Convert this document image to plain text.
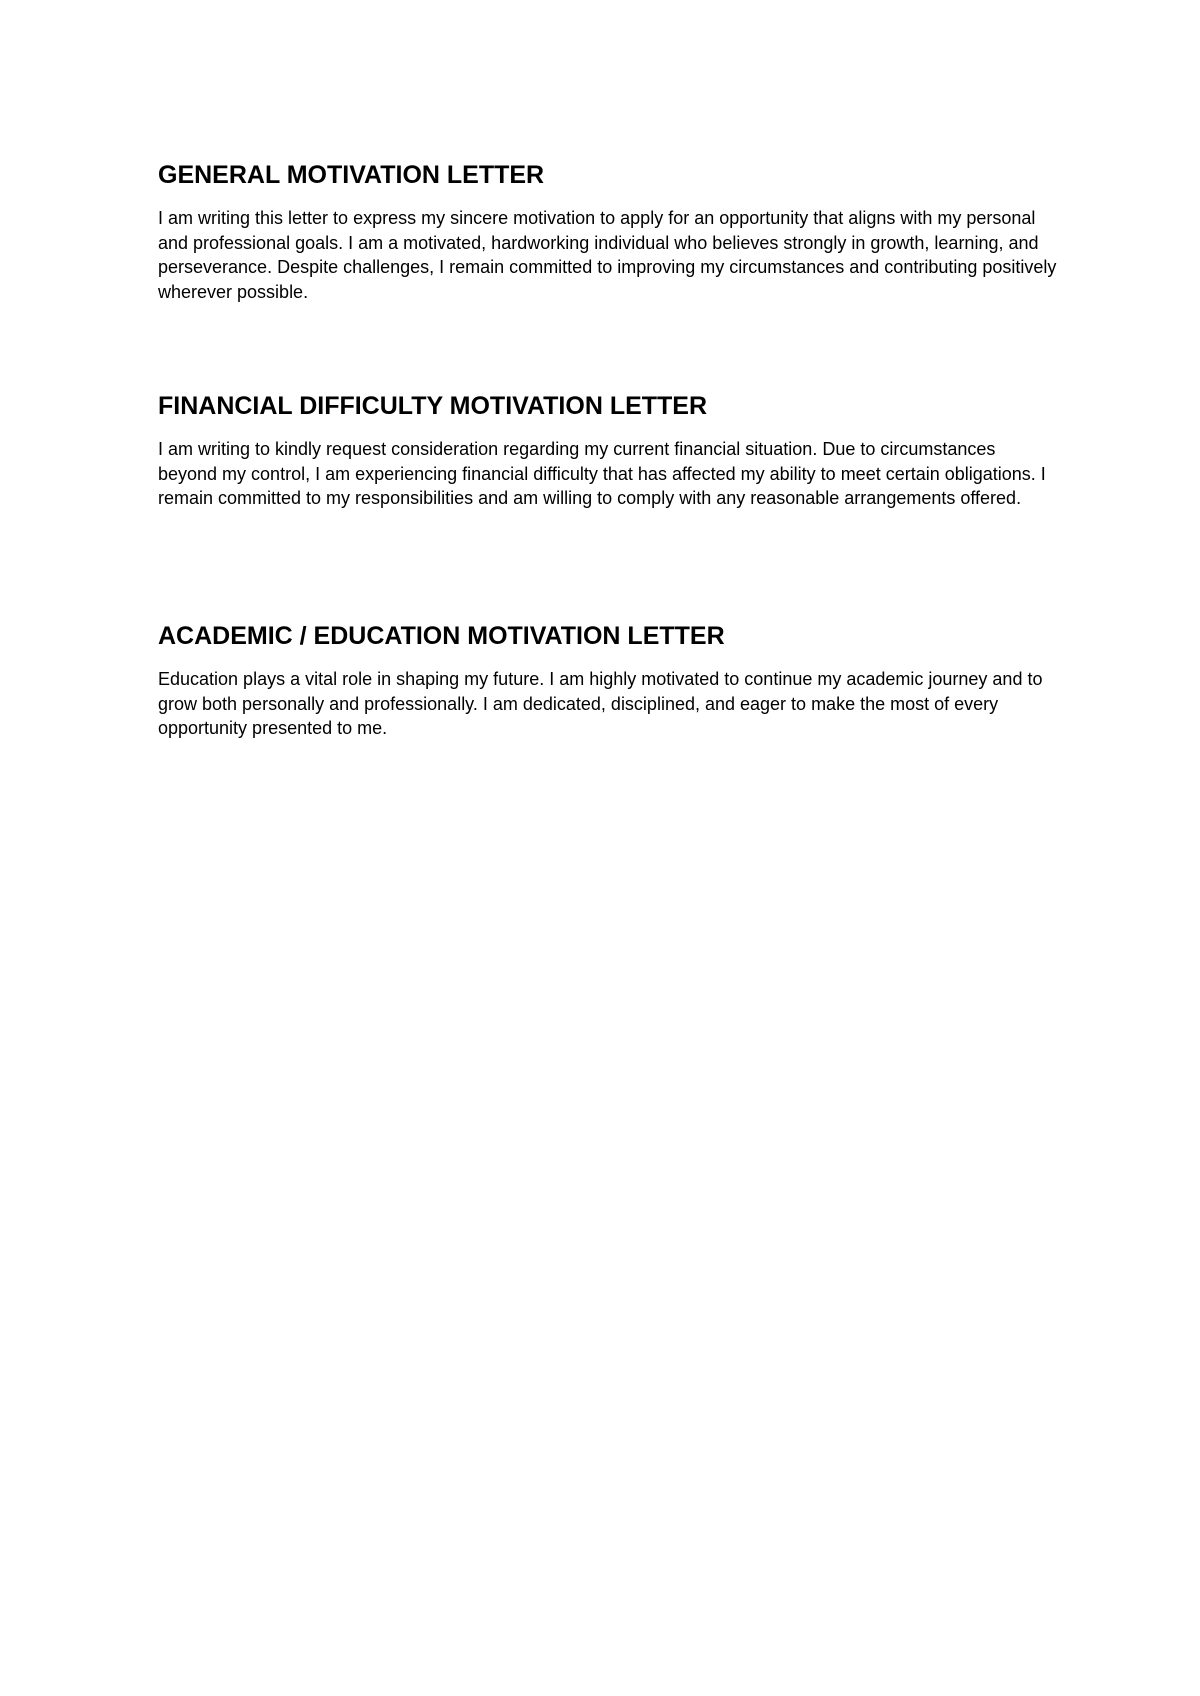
GENERAL MOTIVATION LETTER

I am writing this letter to express my sincere motivation to apply for an opportunity that aligns with my personal and professional goals. I am a motivated, hardworking individual who believes strongly in growth, learning, and perseverance. Despite challenges, I remain committed to improving my circumstances and contributing positively wherever possible.

FINANCIAL DIFFICULTY MOTIVATION LETTER

I am writing to kindly request consideration regarding my current financial situation. Due to circumstances beyond my control, I am experiencing financial difficulty that has affected my ability to meet certain obligations. I remain committed to my responsibilities and am willing to comply with any reasonable arrangements offered.

ACADEMIC / EDUCATION MOTIVATION LETTER

Education plays a vital role in shaping my future. I am highly motivated to continue my academic journey and to grow both personally and professionally. I am dedicated, disciplined, and eager to make the most of every opportunity presented to me.
